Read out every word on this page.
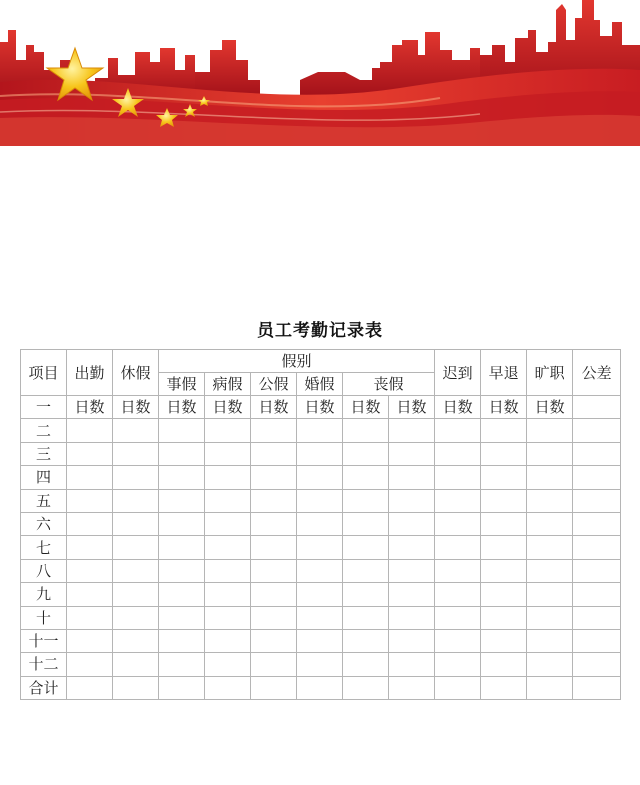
员工考勤记录表
项目	出勤	休假	假别						迟到	早退	旷职	公差
			事假	病假	公假	婚假	丧假					
一	日数	日数	日数	日数	日数	日数	日数	日数	日数	日数	日数	
二												
三												
四												
五												
六												
七												
八												
九												
十												
十一												
十二												
合计												
